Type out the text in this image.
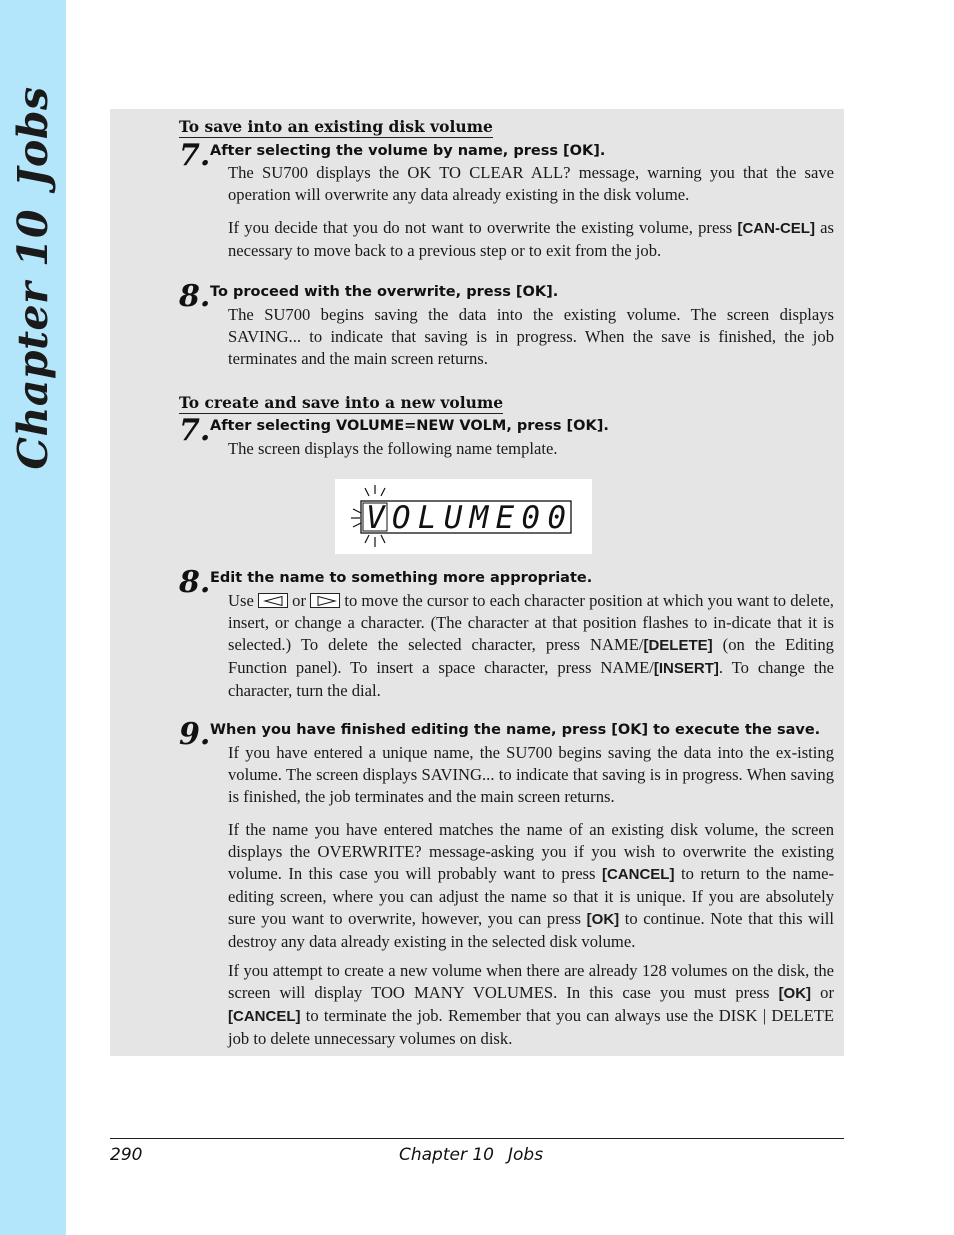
Chapter 10Jobs	To save into an existing disk volume
7. After selecting the volume by name, press [OK].

The SU700 displays the OK TO CLEAR ALL? message, warning you that the save operation will overwrite any data already existing in the disk volume.

If you decide that you do not want to overwrite the existing volume, press [CAN-CEL] as necessary to move back to a previous step or to exit from the job.

8. To proceed with the overwrite, press [OK].

The SU700 begins saving the data into the existing volume. The screen displays SAVING... to indicate that saving is in progress. When the save is finished, the job terminates and the main screen returns.

To create and save into a new volume
7. After selecting VOLUME=NEW VOLM, press [OK].

The screen displays the following name template.

VOLUME00
8. Edit the name to something more appropriate.

Use or to move the cursor to each character position at which you want to delete, insert, or change a character. (The character at that position flashes to in-dicate that it is selected.) To delete the selected character, press NAME/[DELETE] (on the Editing Function panel). To insert a space character, press NAME/[INSERT]. To change the character, turn the dial.

9. When you have finished editing the name, press [OK] to execute the save.

If you have entered a unique name, the SU700 begins saving the data into the ex-isting volume. The screen displays SAVING... to indicate that saving is in progress. When saving is finished, the job terminates and the main screen returns.

If the name you have entered matches the name of an existing disk volume, the screen displays the OVERWRITE? message-asking you if you wish to overwrite the existing volume. In this case you will probably want to press [CANCEL] to return to the name-editing screen, where you can adjust the name so that it is unique. If you are absolutely sure you want to overwrite, however, you can press [OK] to continue. Note that this will destroy any data already existing in the selected disk volume.

If you attempt to create a new volume when there are already 128 volumes on the disk, the screen will display TOO MANY VOLUMES. In this case you must press [OK] or [CANCEL] to terminate the job. Remember that you can always use the DISK | DELETE job to delete unnecessary volumes on disk.

290	Chapter 10 Jobs
